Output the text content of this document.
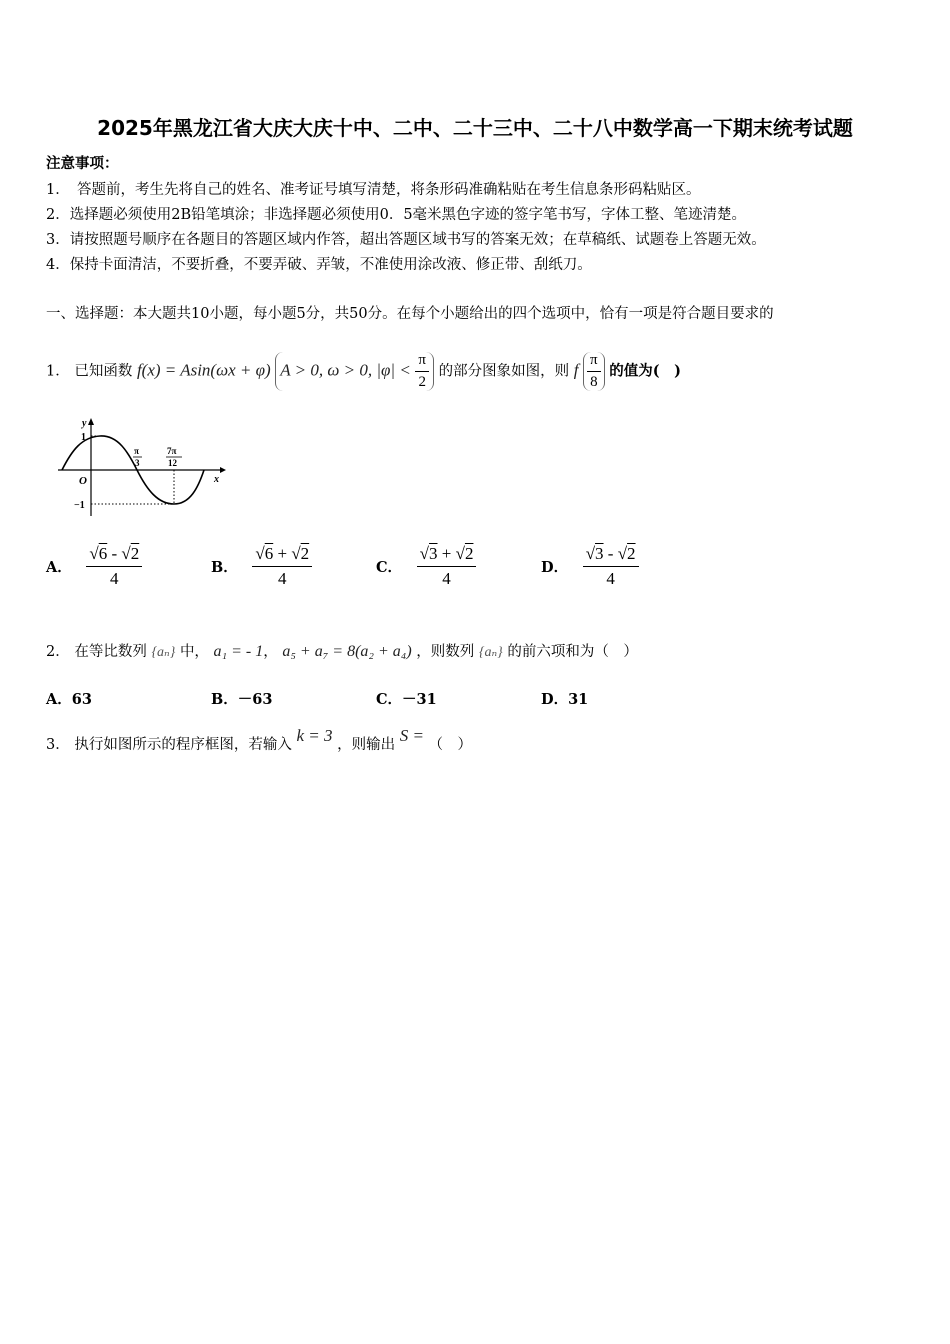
2025年黑龙江省大庆大庆十中、二中、二十三中、二十八中数学高一下期末统考试题
注意事项：
1．　答题前，考生先将自己的姓名、准考证号填写清楚，将条形码准确粘贴在考生信息条形码粘贴区。
2．选择题必须使用2B铅笔填涂；非选择题必须使用0．5毫米黑色字迹的签字笔书写，字体工整、笔迹清楚。
3．请按照题号顺序在各题目的答题区域内作答，超出答题区域书写的答案无效；在草稿纸、试题卷上答题无效。
4．保持卡面清洁，不要折叠，不要弄破、弄皱，不准使用涂改液、修正带、刮纸刀。
一、选择题：本大题共10小题，每小题5分，共50分。在每个小题给出的四个选项中，恰有一项是符合题目要求的
1． 已知函数 f(x) = Asin(ωx + φ) A > 0, ω > 0, $|\varphi| < \frac{\pi}{2}$ 的部分图象如图，则 f $\frac{\pi}{8}$ 的值为(　)
y
1
O
−1
x
π
3
7π
12
A． $\frac{√6 - √2}{4}$	B． $\frac{√6 + √2}{4}$	C． $\frac{√3 + √2}{4}$	D． $\frac{√3 - √2}{4}$
2． 在等比数列 {aₙ} 中， a₁ = - 1， a₅ + a₇ = 8(a₂ + a₄) ，则数列 {aₙ} 的前六项和为（　）
A．63	B．－63	C．－31	D．31
3． 执行如图所示的程序框图，若输入 k = 3 ，则输出 S = （　）
